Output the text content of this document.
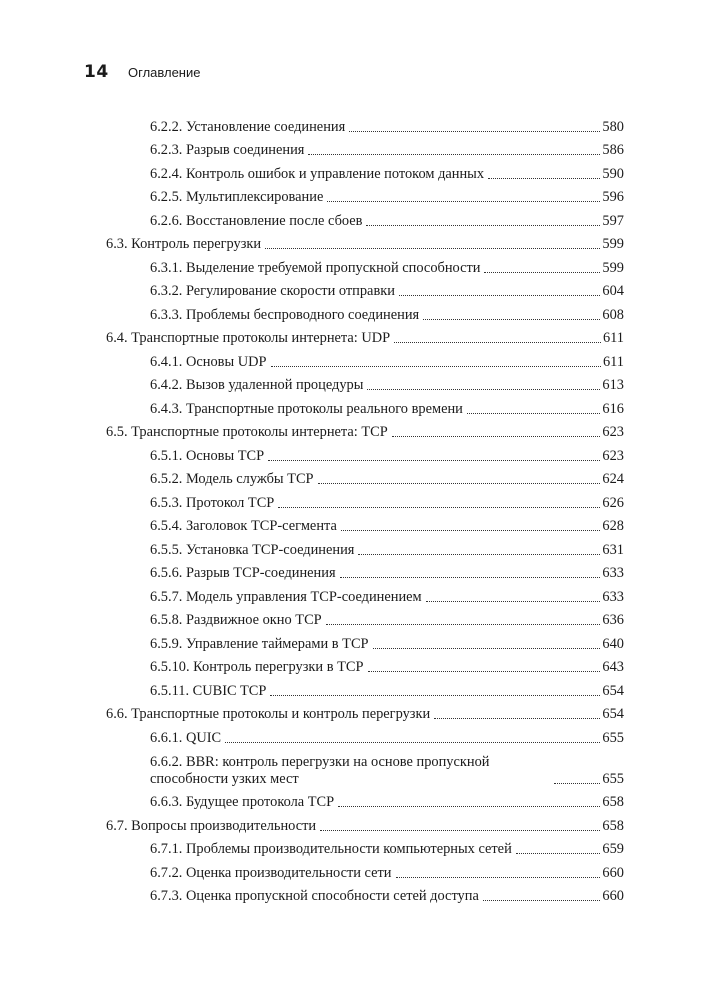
14	Оглавление
6.2.2. Установление соединения	580
6.2.3. Разрыв соединения	586
6.2.4. Контроль ошибок и управление потоком данных	590
6.2.5. Мультиплексирование	596
6.2.6. Восстановление после сбоев	597
6.3. Контроль перегрузки	599
6.3.1. Выделение требуемой пропускной способности	599
6.3.2. Регулирование скорости отправки	604
6.3.3. Проблемы беспроводного соединения	608
6.4. Транспортные протоколы интернета: UDP	611
6.4.1. Основы UDP	611
6.4.2. Вызов удаленной процедуры	613
6.4.3. Транспортные протоколы реального времени	616
6.5. Транспортные протоколы интернета: TCP	623
6.5.1. Основы TCP	623
6.5.2. Модель службы TCP	624
6.5.3. Протокол TCP	626
6.5.4. Заголовок TCP-сегмента	628
6.5.5. Установка TCP-соединения	631
6.5.6. Разрыв TCP-соединения	633
6.5.7. Модель управления TCP-соединением	633
6.5.8. Раздвижное окно TCP	636
6.5.9. Управление таймерами в TCP	640
6.5.10. Контроль перегрузки в TCP	643
6.5.11. CUBIC TCP	654
6.6. Транспортные протоколы и контроль перегрузки	654
6.6.1. QUIC	655
6.6.2. BBR: контроль перегрузки на основе пропускной способности узких мест	655
6.6.3. Будущее протокола TCP	658
6.7. Вопросы производительности	658
6.7.1. Проблемы производительности компьютерных сетей	659
6.7.2. Оценка производительности сети	660
6.7.3. Оценка пропускной способности сетей доступа	660
